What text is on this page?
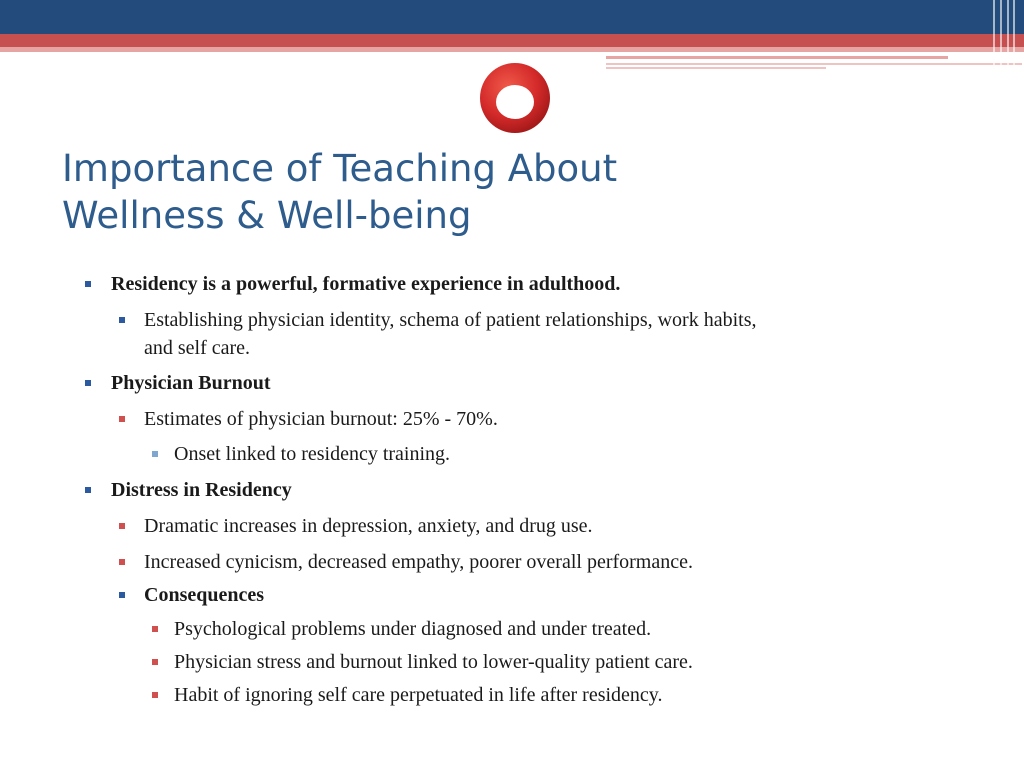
Importance of Teaching About
Wellness & Well-being
Residency is a powerful, formative experience in adulthood.
Establishing physician identity, schema of patient relationships, work habits,
and self care.
Physician Burnout
Estimates of physician burnout: 25% - 70%.
Onset linked to residency training.
Distress in Residency
Dramatic increases in depression, anxiety, and drug use.
Increased cynicism, decreased empathy, poorer overall performance.
Consequences
Psychological problems under diagnosed and under treated.
Physician stress and burnout linked to lower-quality patient care.
Habit of ignoring self care perpetuated in life after residency.
